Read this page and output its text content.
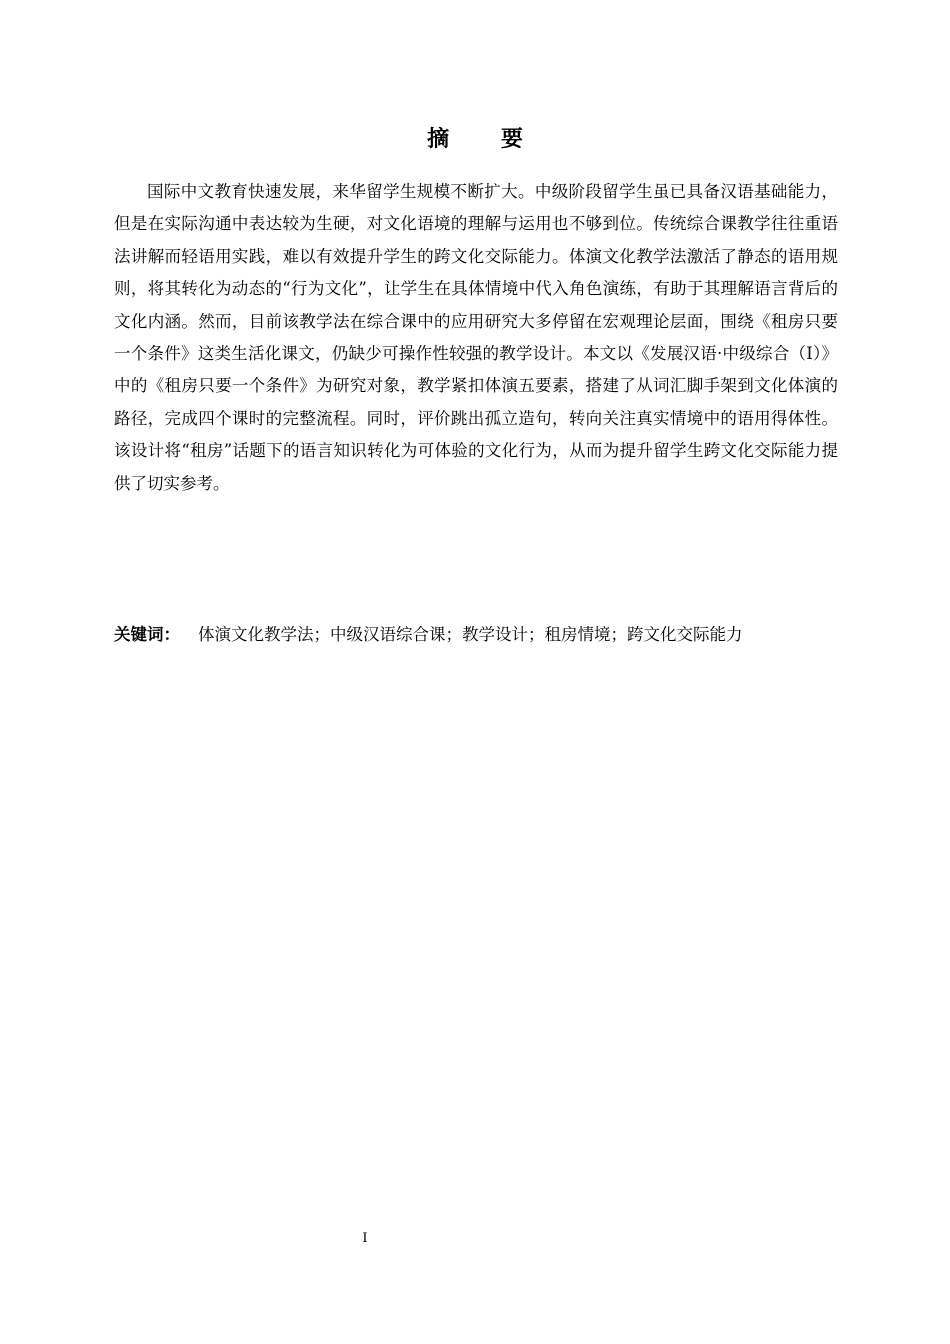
摘 要

国际中文教育快速发展，来华留学生规模不断扩大。中级阶段留学生虽已具备汉语基础能力，但是在实际沟通中表达较为生硬，对文化语境的理解与运用也不够到位。传统综合课教学往往重语法讲解而轻语用实践，难以有效提升学生的跨文化交际能力。体演文化教学法激活了静态的语用规则，将其转化为动态的“行为文化”，让学生在具体情境中代入角色演练，有助于其理解语言背后的文化内涵。然而，目前该教学法在综合课中的应用研究大多停留在宏观理论层面，围绕《租房只要一个条件》这类生活化课文，仍缺少可操作性较强的教学设计。本文以《发展汉语·中级综合（Ⅰ）》中的《租房只要一个条件》为研究对象，教学紧扣体演五要素，搭建了从词汇脚手架到文化体演的路径，完成四个课时的完整流程。同时，评价跳出孤立造句，转向关注真实情境中的语用得体性。该设计将“租房”话题下的语言知识转化为可体验的文化行为，从而为提升留学生跨文化交际能力提供了切实参考。

关键词： 体演文化教学法；中级汉语综合课；教学设计；租房情境；跨文化交际能力
I
